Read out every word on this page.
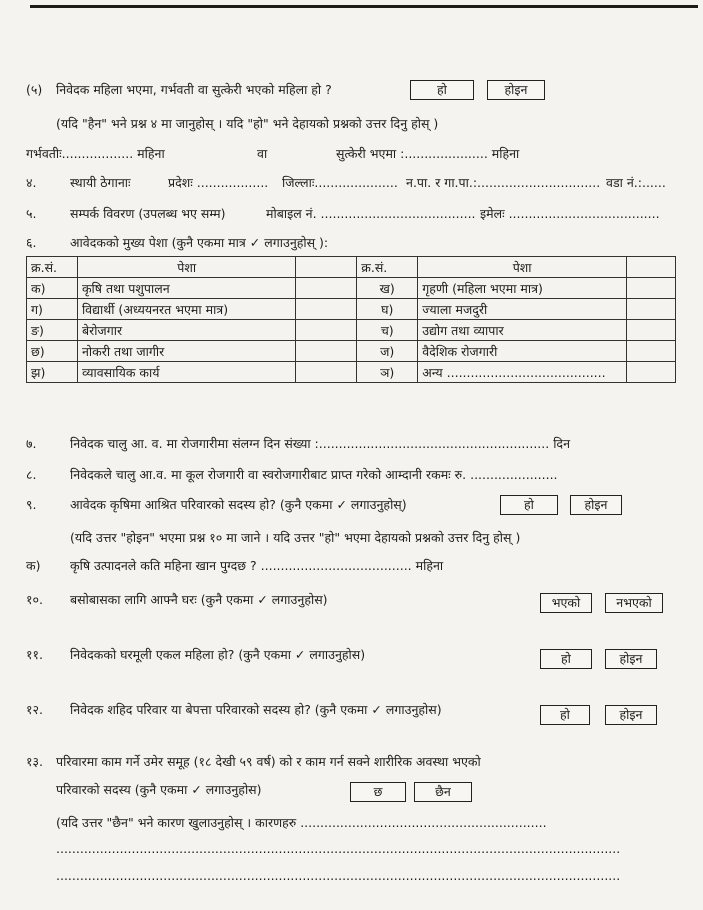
(५) निवेदक महिला भएमा, गर्भवती वा सुत्केरी भएको महिला हो ?	हो	होइन
(यदि "हैन" भने प्रश्न ४ मा जानुहोस् । यदि "हो" भने देहायको प्रश्नको उत्तर दिनु होस् )
गर्भवतीः.................. महिना	वा	सुत्केरी भएमा :..................... महिना
४.	स्थायी ठेगानाः	प्रदेशः .................. जिल्लाः..................... न.पा. र गा.पा.:............................... वडा नं.:......
५.	सम्पर्क विवरण (उपलब्ध भए सम्म)	मोबाइल नं. ....................................... इमेलः ......................................
६.	आवेदकको मुख्य पेशा (कुनै एकमा मात्र ✓ लगाउनुहोस् ):
क्र.सं.	पेशा		क्र.सं.	पेशा	
क)	कृषि तथा पशुपालन		ख)	गृहणी (महिला भएमा मात्र)	
ग)	विद्यार्थी (अध्ययनरत भएमा मात्र)		घ)	ज्याला मजदुरी	
ङ)	बेरोजगार		च)	उद्योग तथा व्यापार	
छ)	नोकरी तथा जागीर		ज)	वैदेशिक रोजगारी	
झ)	व्यावसायिक कार्य		ञ)	अन्य ........................................	
७.	निवेदक चालु आ. व. मा रोजगारीमा संलग्न दिन संख्या :.......................................................... दिन
८.	निवेदकले चालु आ.व. मा कूल रोजगारी वा स्वरोजगारीबाट प्राप्त गरेको आम्दानी रकमः रु. ......................
९.	आवेदक कृषिमा आश्रित परिवारको सदस्य हो? (कुनै एकमा ✓ लगाउनुहोस्)	हो	होइन
(यदि उत्तर "होइन" भएमा प्रश्न १० मा जाने । यदि उत्तर "हो" भएमा देहायको प्रश्नको उत्तर दिनु होस् )
क) कृषि उत्पादनले कति महिना खान पुग्दछ ? ...................................... महिना
१०. बसोबासका लागि आफ्नै घरः (कुनै एकमा ✓ लगाउनुहोस)	भएको	नभएको
११. निवेदकको घरमूली एकल महिला हो? (कुनै एकमा ✓ लगाउनुहोस)	हो	होइन
१२. निवेदक शहिद परिवार या बेपत्ता परिवारको सदस्य हो? (कुनै एकमा ✓ लगाउनुहोस)	हो	होइन
१३. परिवारमा काम गर्ने उमेर समूह (१८ देखी ५९ वर्ष) को र काम गर्न सक्ने शारीरिक अवस्था भएको
परिवारको सदस्य (कुनै एकमा ✓ लगाउनुहोस)	छ	छैन
(यदि उत्तर "छैन" भने कारण खुलाउनुहोस् । कारणहरु ..............................................................
..............................................................................................................................................
..............................................................................................................................................
